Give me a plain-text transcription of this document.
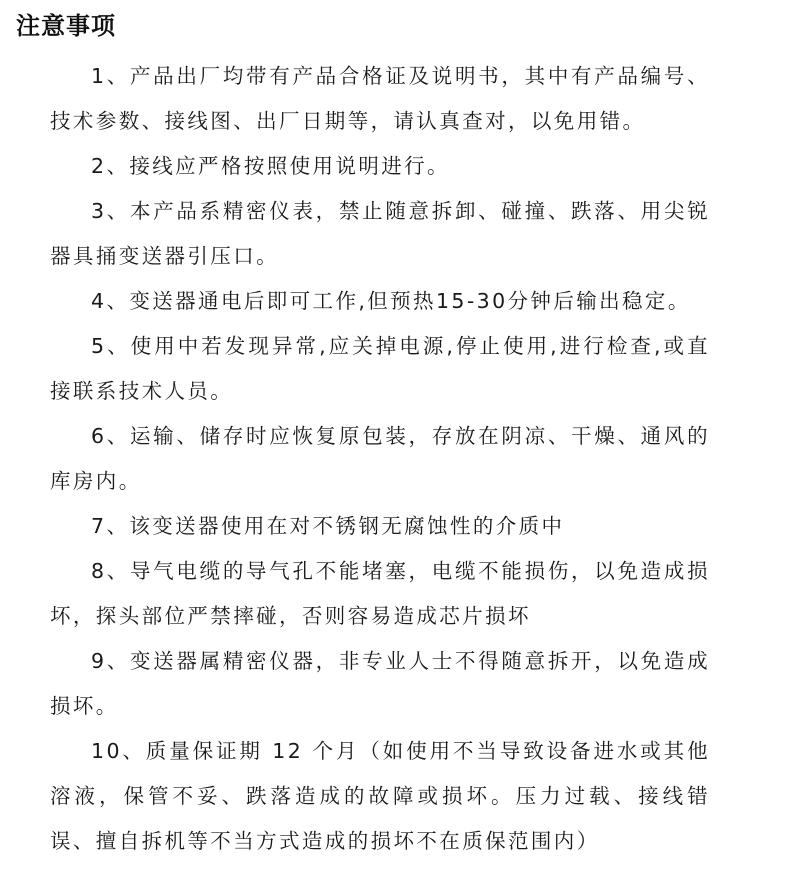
注意事项

1、产品出厂均带有产品合格证及说明书，其中有产品编号、技术参数、接线图、出厂日期等，请认真查对，以免用错。

2、接线应严格按照使用说明进行。

3、本产品系精密仪表，禁止随意拆卸、碰撞、跌落、用尖锐器具捅变送器引压口。

4、变送器通电后即可工作,但预热15-30分钟后输出稳定。

5、使用中若发现异常,应关掉电源,停止使用,进行检查,或直接联系技术人员。

6、运输、储存时应恢复原包装，存放在阴凉、干燥、通风的库房内。

7、该变送器使用在对不锈钢无腐蚀性的介质中

8、导气电缆的导气孔不能堵塞，电缆不能损伤，以免造成损坏，探头部位严禁摔碰，否则容易造成芯片损坏

9、变送器属精密仪器，非专业人士不得随意拆开，以免造成损坏。

10、质量保证期 12 个月（如使用不当导致设备进水或其他溶液，保管不妥、跌落造成的故障或损坏。压力过载、接线错误、擅自拆机等不当方式造成的损坏不在质保范围内）
